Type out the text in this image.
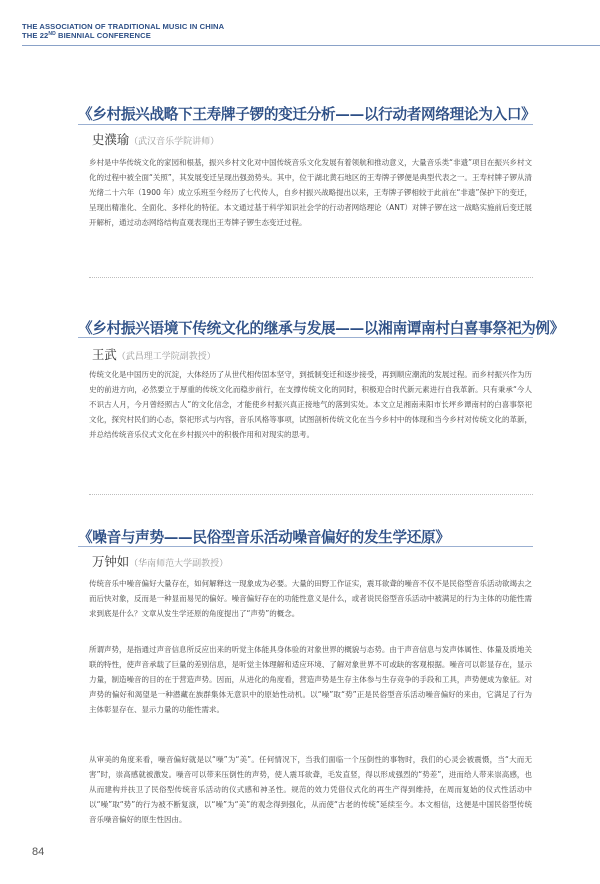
THE ASSOCIATION OF TRADITIONAL MUSIC IN CHINA
THE 22ND BIENNIAL CONFERENCE
《乡村振兴战略下王寿牌子锣的变迁分析——以行动者网络理论为入口》
史濮瑜（武汉音乐学院讲师）

乡村是中华传统文化的家园和根基，振兴乡村文化对中国传统音乐文化发展有着领航和推动意义，大量音乐类“非遗”项目在振兴乡村文化的过程中被全面“关照”，其发展变迁呈现出强劲势头。其中，位于湖北黄石地区的王寿牌子锣便是典型代表之一。王寿村牌子锣从清光绪二十六年（1900 年）成立乐班至今经历了七代传人，自乡村振兴战略提出以来，王寿牌子锣相较于此前在“非遗”保护下的变迁，呈现出精准化、全面化、多样化的特征。本文通过基于科学知识社会学的行动者网络理论（ANT）对牌子锣在这一战略实施前后变迁展开解析，通过动态网络结构直观表现出王寿牌子锣生态变迁过程。

《乡村振兴语境下传统文化的继承与发展——以湘南谭南村白喜事祭祀为例》
王武（武昌理工学院副教授）

传统文化是中国历史的沉淀，大体经历了从世代相传固本坚守，到抵制变迁和逐步接受，再到顺应潮流的发展过程。而乡村振兴作为历史的前进方向，必然要立于厚重的传统文化而稳步前行，在支撑传统文化的同时，积极迎合时代新元素进行自我革新。只有秉承“今人不识古人月，今月曾经照古人”的文化信念，才能使乡村振兴真正接地气的落到实处。本文立足湘南耒阳市长坪乡谭南村的白喜事祭祀文化，探究村民们的心态，祭祀形式与内容，音乐风格等事项，试图剖析传统文化在当今乡村中的体现和当今乡村对传统文化的革新，并总结传统音乐仪式文化在乡村振兴中的积极作用和对现实的思考。

《噪音与声势——民俗型音乐活动噪音偏好的发生学还原》
万钟如（华南师范大学副教授）

传统音乐中噪音偏好大量存在，如何解释这一现象成为必要。大量的田野工作证实，震耳欲聋的噪音不仅不是民俗型音乐活动欲竭去之而后快对象，反而是一种显而易见的偏好。噪音偏好存在的功能性意义是什么，或者说民俗型音乐活动中被满足的行为主体的功能性需求到底是什么？文章从发生学还原的角度提出了“声势”的概念。

所谓声势，是指通过声音信息所反应出来的听觉主体能具身体验的对象世界的概貌与态势。由于声音信息与发声体属性、体量及质地关联的特性，使声音承载了巨量的差别信息，是听觉主体理解和适应环境、了解对象世界不可或缺的客观根据。噪音可以彰显存在，显示力量，制造噪音的目的在于营造声势。因而，从进化的角度看，营造声势是生存主体参与生存竞争的手段和工具，声势便成为象征。对声势的偏好和渴望是一种潜藏在族群集体无意识中的原始性动机。以“噪”取“势”正是民俗型音乐活动噪音偏好的来由，它满足了行为主体彰显存在、显示力量的功能性需求。

从审美的角度来看，噪音偏好就是以“噪”为“美”。任何情况下，当我们面临一个压倒性的事物时，我们的心灵会被震慑，当“大而无害”时，崇高感就被激发。噪音可以带来压倒性的声势，使人震耳欲聋，毛发直竖，得以形成强烈的“势差”，进而给人带来崇高感，也从而建构并扶卫了民俗型传统音乐活动的仪式感和神圣性。规范的效力凭借仪式化的再生产得到维持，在周而复始的仪式性活动中以“噪”取“势”的行为被不断复演，以“噪”为“美”的观念得到强化，从而使“古老的传统”延续至今。本文相信，这便是中国民俗型传统音乐噪音偏好的原生性因由。

84
